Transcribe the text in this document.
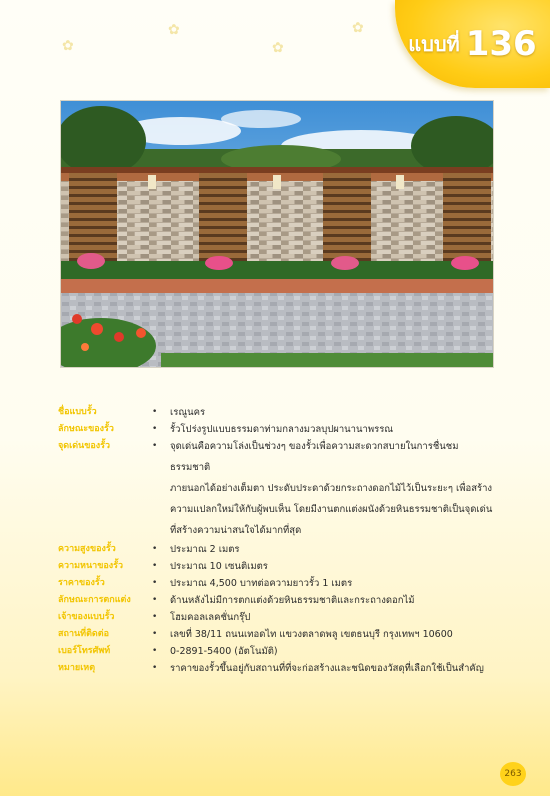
✿
✿
✿
✿
แบบที่ 136
ชื่อแบบรั้ว	•	เรณูนคร
ลักษณะของรั้ว	•	รั้วโปร่งรูปแบบธรรมดาท่ามกลางมวลบุปผานานาพรรณ
จุดเด่นของรั้ว	•	จุดเด่นคือความโล่งเป็นช่วงๆ ของรั้วเพื่อความสะดวกสบายในการชื่นชมธรรมชาติ
ภายนอกได้อย่างเต็มตา ประดับประดาด้วยกระถางดอกไม้ไว้เป็นระยะๆ เพื่อสร้าง
ความแปลกใหม่ให้กับผู้พบเห็น โดยมีงานตกแต่งผนังด้วยหินธรรมชาติเป็นจุดเด่น
ที่สร้างความน่าสนใจได้มากที่สุด
ความสูงของรั้ว	•	ประมาณ 2 เมตร
ความหนาของรั้ว	•	ประมาณ 10 เซนติเมตร
ราคาของรั้ว	•	ประมาณ 4,500 บาทต่อความยาวรั้ว 1 เมตร
ลักษณะการตกแต่ง	•	ด้านหลังไม่มีการตกแต่งด้วยหินธรรมชาติและกระถางดอกไม้
เจ้าของแบบรั้ว	•	โฮมคอลเลคชั่นกรุ๊ป
สถานที่ติดต่อ	•	เลขที่ 38/11 ถนนเทอดไท แขวงตลาดพลู เขตธนบุรี กรุงเทพฯ 10600
เบอร์โทรศัพท์	•	0-2891-5400 (อัตโนมัติ)
หมายเหตุ	•	ราคาของรั้วขึ้นอยู่กับสถานที่ที่จะก่อสร้างและชนิดของวัสดุที่เลือกใช้เป็นสำคัญ
263
